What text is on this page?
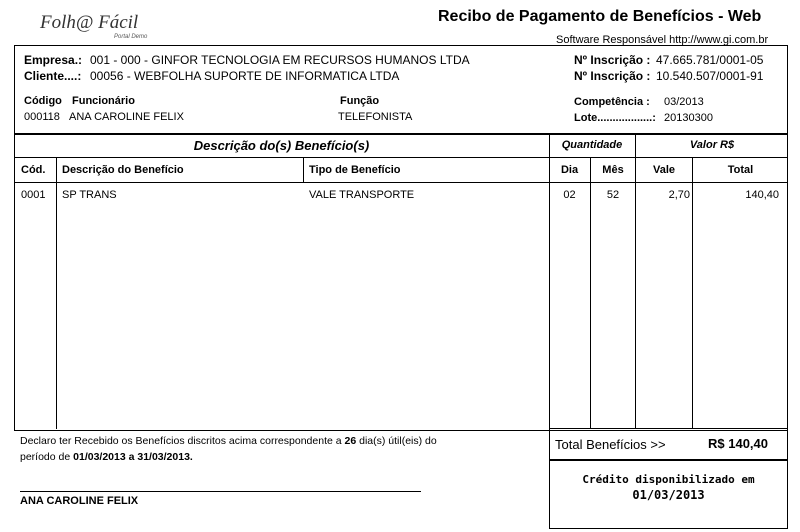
Folh@ Fácil
Portal Demo
Recibo de Pagamento de Benefícios - Web
Software Responsável http://www.gi.com.br
Empresa.: 001 - 000 - GINFOR TECNOLOGIA EM RECURSOS HUMANOS LTDA
Cliente....: 00056 - WEBFOLHA SUPORTE DE INFORMATICA LTDA
Nº Inscrição : 47.665.781/0001-05
Nº Inscrição : 10.540.507/0001-91
Código Funcionário	Função
000118 ANA CAROLINE FELIX	TELEFONISTA
Competência : 03/2013
Lote..................: 20130300
Descrição do(s) Benefício(s)	Quantidade	Valor R$
Cód. Descrição do Benefício	Tipo de Benefício	Dia	Mês	Vale	Total
0001 SP TRANS	VALE TRANSPORTE	02	52	2,70	140,40
Declaro ter Recebido os Benefícios discritos acima correspondente a 26 dia(s) útil(eis) do
período de 01/03/2013 a 31/03/2013.
ANA CAROLINE FELIX
Total Benefícios >>	R$ 140,40
Crédito disponibilizado em
01/03/2013
